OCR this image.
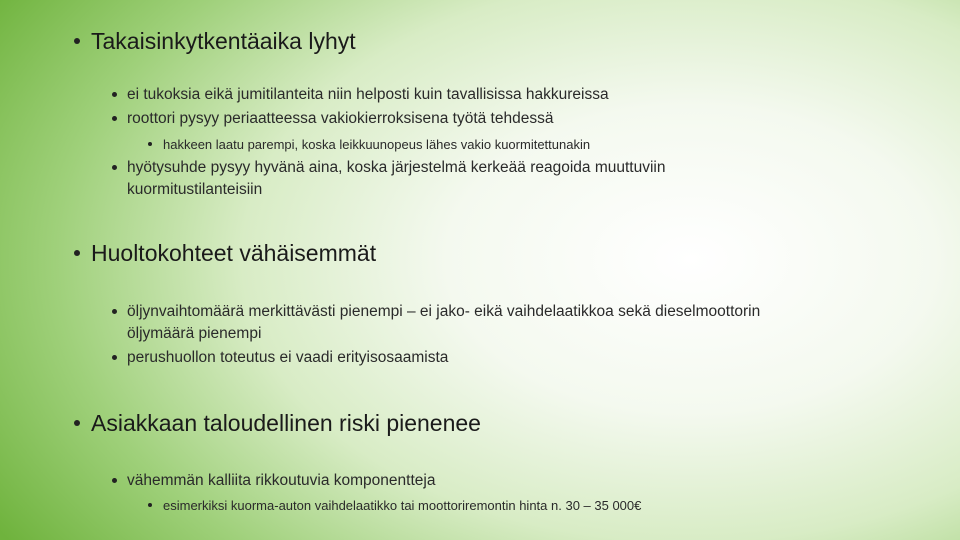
Takaisinkytkentäaika lyhyt
ei tukoksia eikä jumitilanteita niin helposti kuin tavallisissa hakkureissa
roottori pysyy periaatteessa vakiokierroksisena työtä tehdessä
hakkeen laatu parempi, koska leikkuunopeus lähes vakio kuormitettunakin
hyötysuhde pysyy hyvänä aina, koska järjestelmä kerkeää reagoida muuttuviin
kuormitustilanteisiin
Huoltokohteet vähäisemmät
öljynvaihtomäärä merkittävästi pienempi – ei jako- eikä vaihdelaatikkoa sekä dieselmoottorin
öljymäärä pienempi
perushuollon toteutus ei vaadi erityisosaamista
Asiakkaan taloudellinen riski pienenee
vähemmän kalliita rikkoutuvia komponentteja
esimerkiksi kuorma-auton vaihdelaatikko tai moottoriremontin hinta n. 30 – 35 000€
